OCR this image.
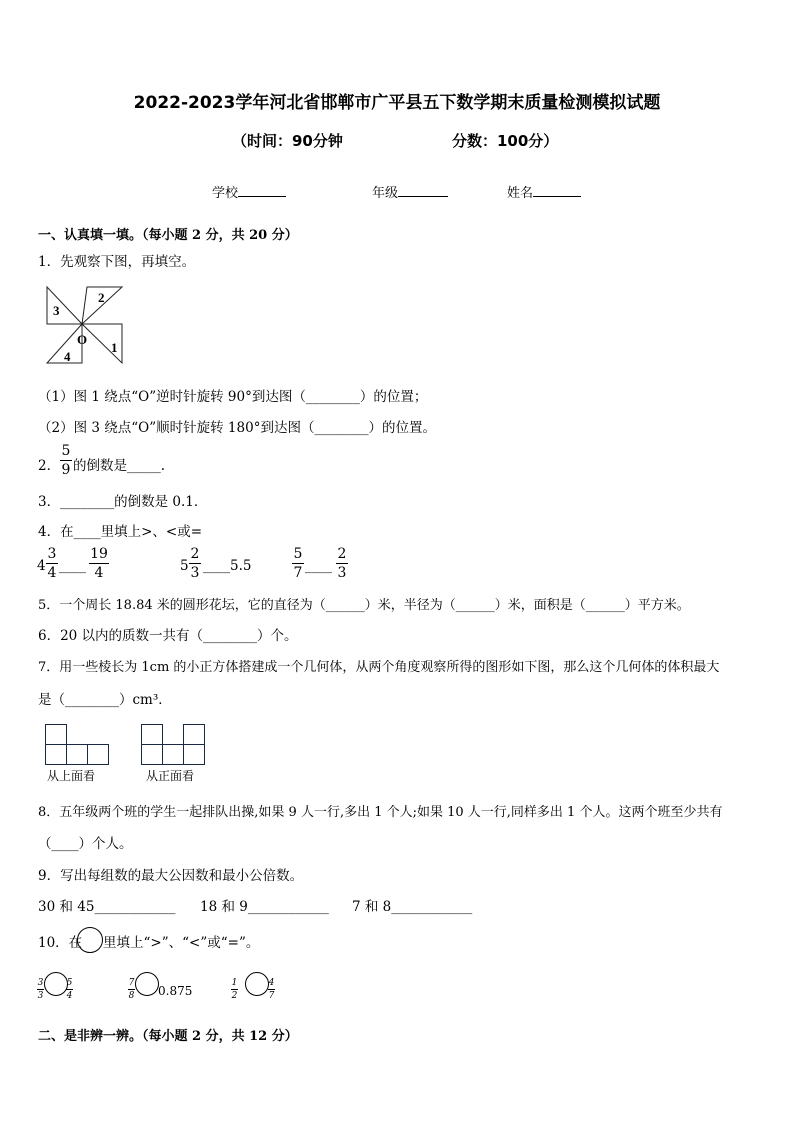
2022-2023学年河北省邯郸市广平县五下数学期末质量检测模拟试题
（时间：90分钟	分数：100分）
学校	年级	姓名
一、认真填一填。（每小题 2 分，共 20 分）
1．先观察下图，再填空。
3
2
O
4
1
（1）图 1 绕点“O”逆时针旋转 90°到达图（________）的位置；
（2）图 3 绕点“O”顺时针旋转 180°到达图（________）的位置。
2．
5
9 的倒数是_____.
3．________的倒数是 0.1．
4．在____里填上>、<或=
4
3
4 ____
19
4	5
2
3 ____5.5
5
7 ____
2
3
5．一个周长 18.84 米的圆形花坛，它的直径为（______）米，半径为（______）米，面积是（______）平方米。
6．20 以内的质数一共有（________）个。
7．用一些棱长为 1cm 的小正方体搭建成一个几何体，从两个角度观察所得的图形如下图，那么这个几何体的体积最大
是（________）cm³．
从上面看	从正面看
8．五年级两个班的学生一起排队出操,如果 9 人一行,多出 1 个人;如果 10 人一行,同样多出 1 个人。这两个班至少共有
（____）个人。
9．写出每组数的最大公因数和最小公倍数。
30 和 45____________ 18 和 9____________ 7 和 8____________
10．在 里填上“>”、“<”或“=”。
3
3
5
4
7
8 0.875
1
2
4
7
二、是非辨一辨。（每小题 2 分，共 12 分）
